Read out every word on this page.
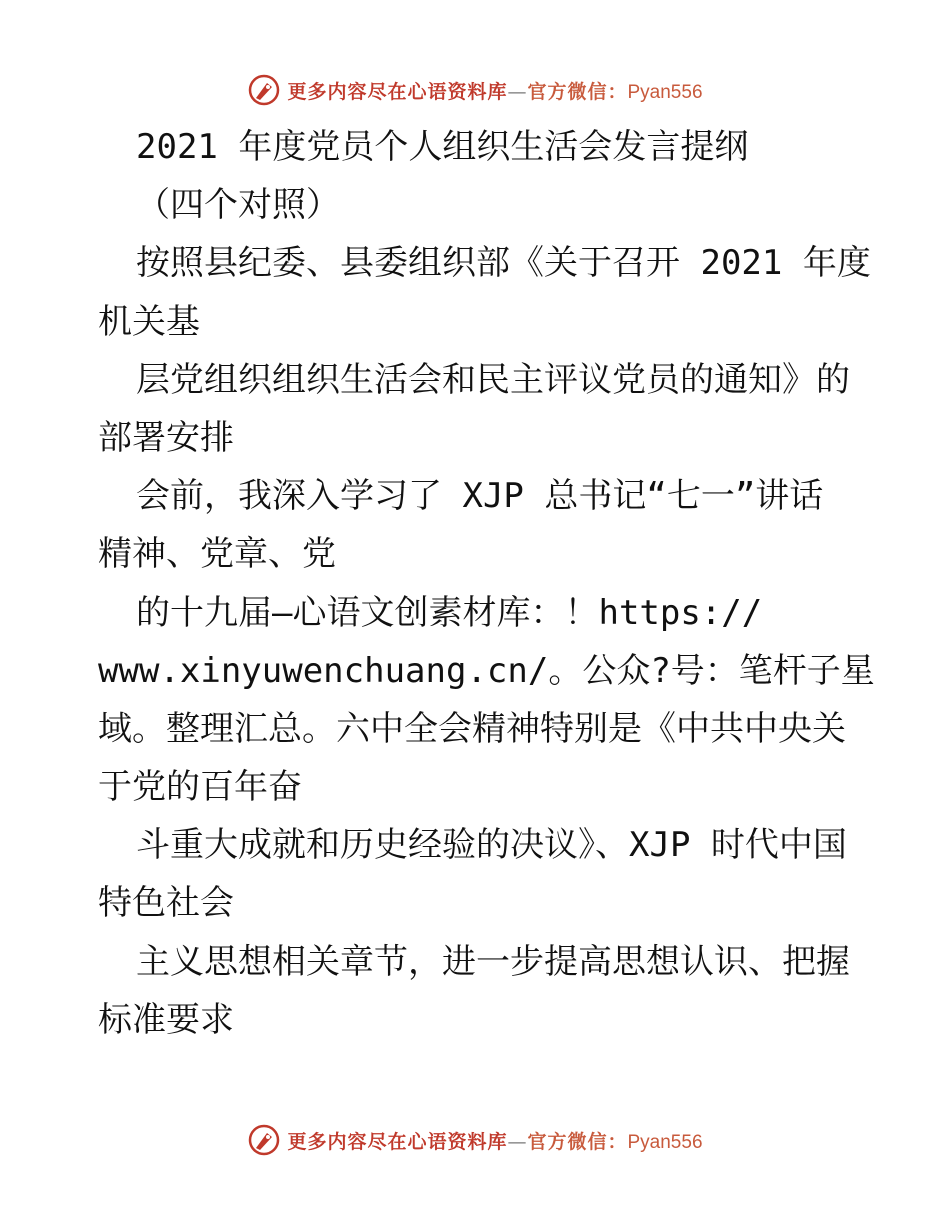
更多内容尽在心语资料库—官方微信：Pyan556
2021 年度党员个人组织生活会发言提纲
（四个对照）
按照县纪委、县委组织部《关于召开 2021 年度
机关基
层党组织组织生活会和民主评议党员的通知》的
部署安排
会前，我深入学习了 XJP 总书记“七一”讲话
精神、党章、党
的十九届—心语文创素材库：！https://
www.xinyuwenchuang.cn/。公众?号：笔杆子星
域。整理汇总。六中全会精神特别是《中共中央关
于党的百年奋
斗重大成就和历史经验的决议》、XJP 时代中国
特色社会
主义思想相关章节，进一步提高思想认识、把握
标准要求
更多内容尽在心语资料库—官方微信：Pyan556
